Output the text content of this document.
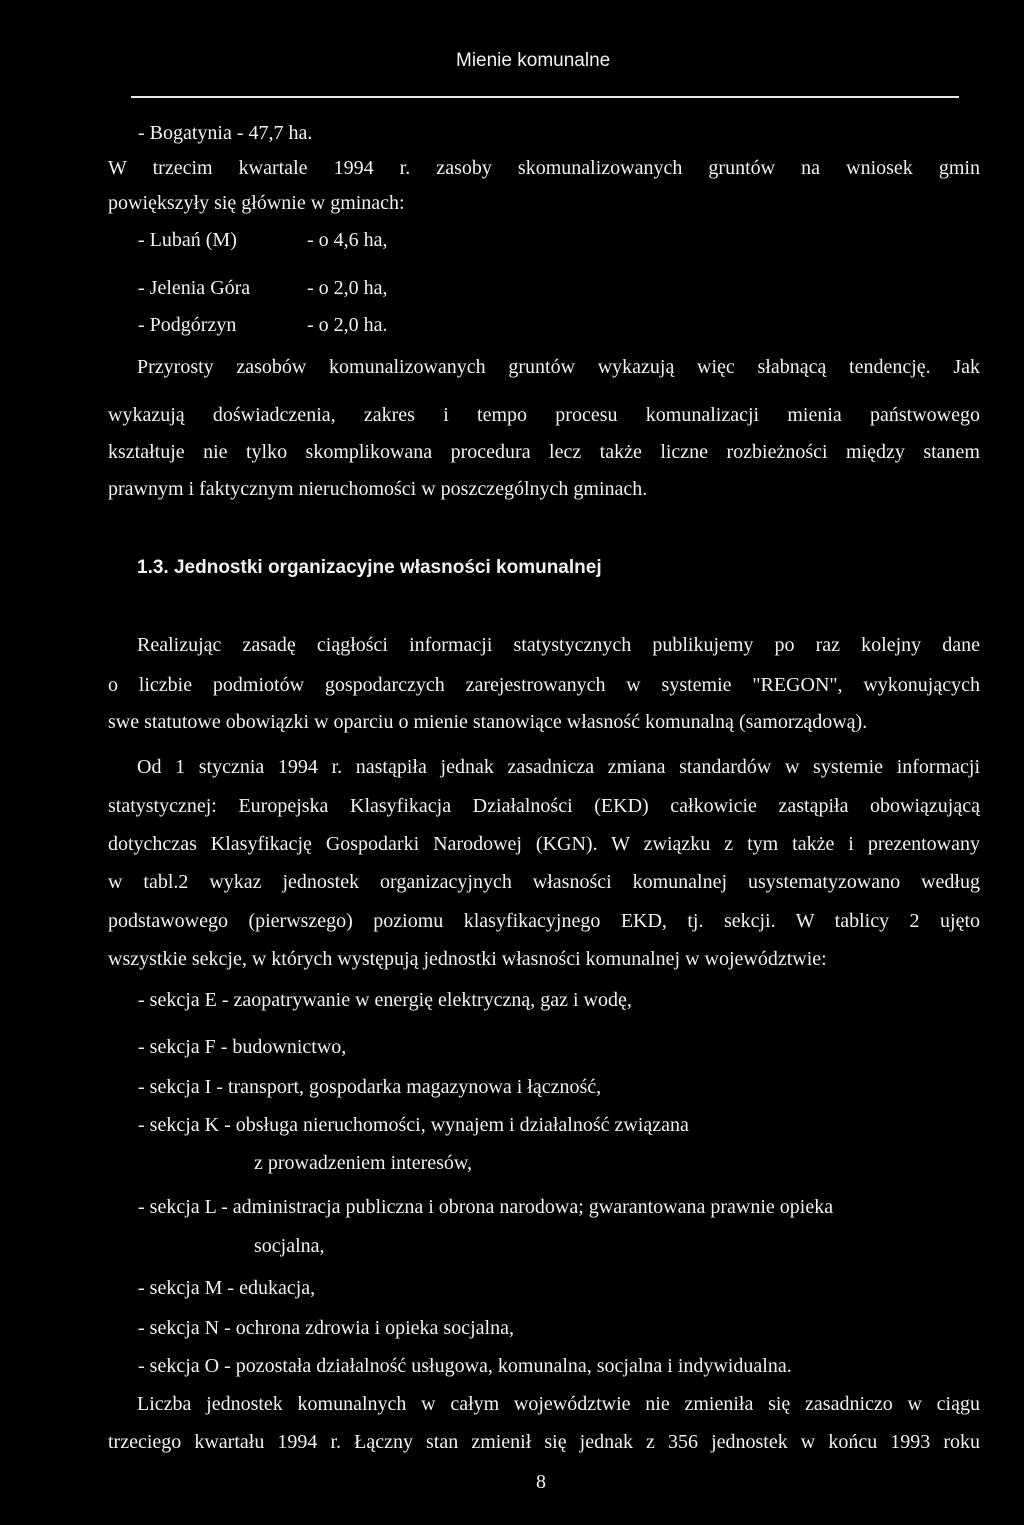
Mienie komunalne
- Bogatynia - 47,7 ha.
W trzecim kwartale 1994 r. zasoby skomunalizowanych gruntów na wniosek gmin
powiększyły się głównie w gminach:
- Lubań (M)	- o 4,6 ha,
- Jelenia Góra	- o 2,0 ha,
- Podgórzyn	- o 2,0 ha.
Przyrosty zasobów komunalizowanych gruntów wykazują więc słabnącą tendencję. Jak
wykazują doświadczenia, zakres i tempo procesu komunalizacji mienia państwowego
kształtuje nie tylko skomplikowana procedura lecz także liczne rozbieżności między stanem
prawnym i faktycznym nieruchomości w poszczególnych gminach.
1.3. Jednostki organizacyjne własności komunalnej
Realizując zasadę ciągłości informacji statystycznych publikujemy po raz kolejny dane
o liczbie podmiotów gospodarczych zarejestrowanych w systemie "REGON", wykonujących
swe statutowe obowiązki w oparciu o mienie stanowiące własność komunalną (samorządową).
Od 1 stycznia 1994 r. nastąpiła jednak zasadnicza zmiana standardów w systemie informacji
statystycznej: Europejska Klasyfikacja Działalności (EKD) całkowicie zastąpiła obowiązującą
dotychczas Klasyfikację Gospodarki Narodowej (KGN). W związku z tym także i prezentowany
w tabl.2 wykaz jednostek organizacyjnych własności komunalnej usystematyzowano według
podstawowego (pierwszego) poziomu klasyfikacyjnego EKD, tj. sekcji. W tablicy 2 ujęto
wszystkie sekcje, w których występują jednostki własności komunalnej w województwie:
- sekcja E - zaopatrywanie w energię elektryczną, gaz i wodę,
- sekcja F - budownictwo,
- sekcja I - transport, gospodarka magazynowa i łączność,
- sekcja K - obsługa nieruchomości, wynajem i działalność związana
z prowadzeniem interesów,
- sekcja L - administracja publiczna i obrona narodowa; gwarantowana prawnie opieka
socjalna,
- sekcja M - edukacja,
- sekcja N - ochrona zdrowia i opieka socjalna,
- sekcja O - pozostała działalność usługowa, komunalna, socjalna i indywidualna.
Liczba jednostek komunalnych w całym województwie nie zmieniła się zasadniczo w ciągu
trzeciego kwartału 1994 r. Łączny stan zmienił się jednak z 356 jednostek w końcu 1993 roku
8
